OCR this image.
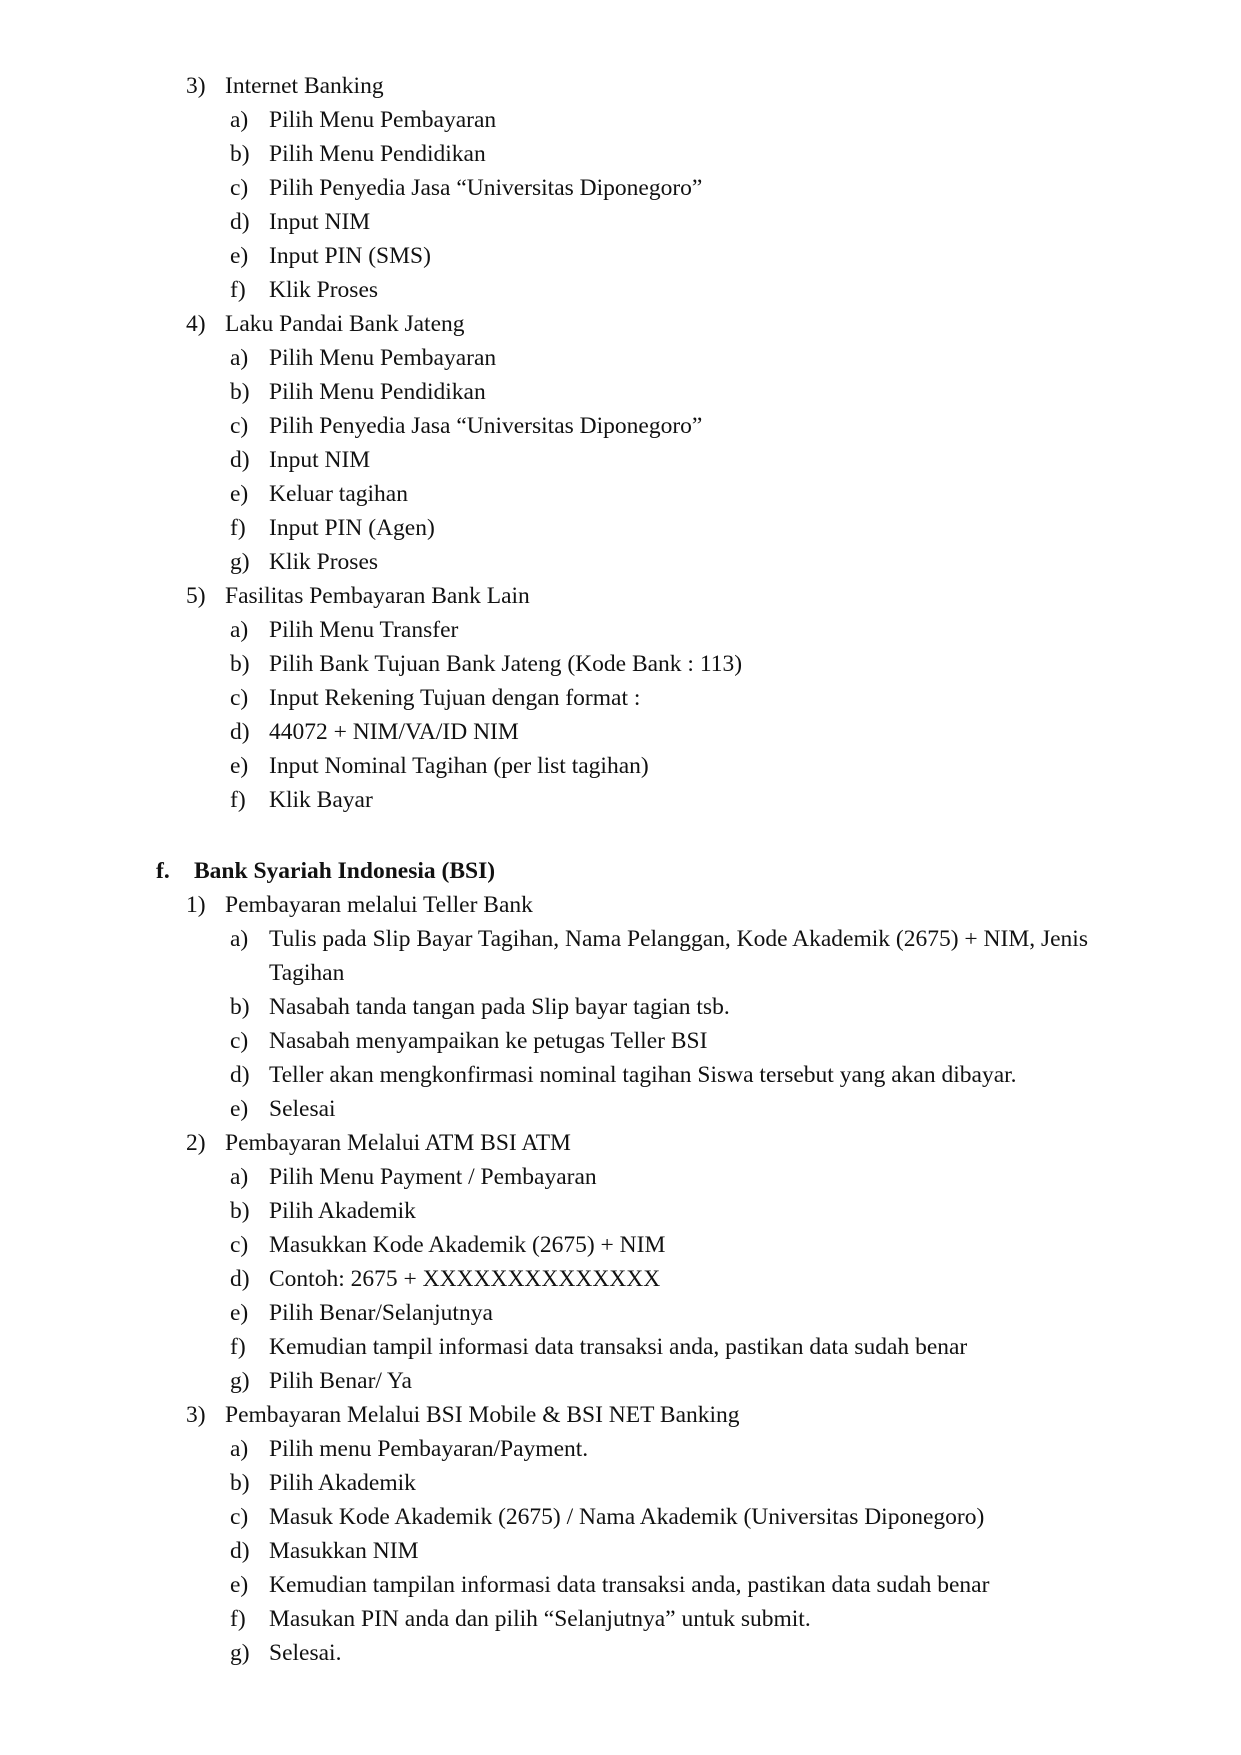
3) Internet Banking
a) Pilih Menu Pembayaran
b) Pilih Menu Pendidikan
c) Pilih Penyedia Jasa “Universitas Diponegoro”
d) Input NIM
e) Input PIN (SMS)
f) Klik Proses
4) Laku Pandai Bank Jateng
a) Pilih Menu Pembayaran
b) Pilih Menu Pendidikan
c) Pilih Penyedia Jasa “Universitas Diponegoro”
d) Input NIM
e) Keluar tagihan
f) Input PIN (Agen)
g) Klik Proses
5) Fasilitas Pembayaran Bank Lain
a) Pilih Menu Transfer
b) Pilih Bank Tujuan Bank Jateng (Kode Bank : 113)
c) Input Rekening Tujuan dengan format :
d) 44072 + NIM/VA/ID NIM
e) Input Nominal Tagihan (per list tagihan)
f) Klik Bayar
f. Bank Syariah Indonesia (BSI)
1) Pembayaran melalui Teller Bank
a) Tulis pada Slip Bayar Tagihan, Nama Pelanggan, Kode Akademik (2675) + NIM, Jenis
Tagihan
b) Nasabah tanda tangan pada Slip bayar tagian tsb.
c) Nasabah menyampaikan ke petugas Teller BSI
d) Teller akan mengkonfirmasi nominal tagihan Siswa tersebut yang akan dibayar.
e) Selesai
2) Pembayaran Melalui ATM BSI ATM
a) Pilih Menu Payment / Pembayaran
b) Pilih Akademik
c) Masukkan Kode Akademik (2675) + NIM
d) Contoh: 2675 + XXXXXXXXXXXXXX
e) Pilih Benar/Selanjutnya
f) Kemudian tampil informasi data transaksi anda, pastikan data sudah benar
g) Pilih Benar/ Ya
3) Pembayaran Melalui BSI Mobile & BSI NET Banking
a) Pilih menu Pembayaran/Payment.
b) Pilih Akademik
c) Masuk Kode Akademik (2675) / Nama Akademik (Universitas Diponegoro)
d) Masukkan NIM
e) Kemudian tampilan informasi data transaksi anda, pastikan data sudah benar
f) Masukan PIN anda dan pilih “Selanjutnya” untuk submit.
g) Selesai.
